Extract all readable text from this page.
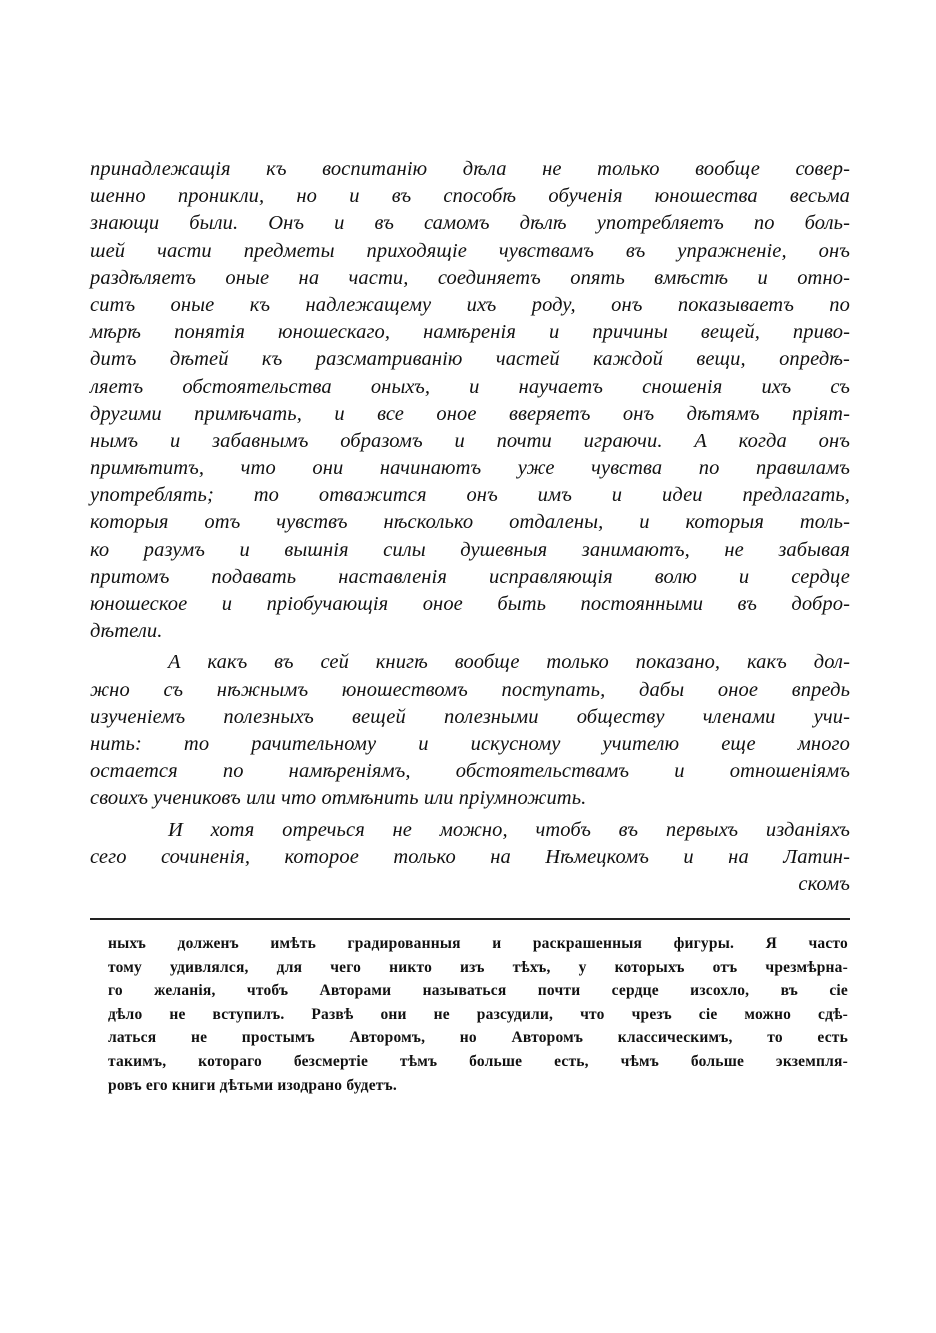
принадлежащія къ воспитанію дѣла не только вообще совер-
шенно проникли, но и въ способѣ обученія юношества весьма
знающи были. Онъ и въ самомъ дѣлѣ употребляетъ по боль-
шей части предметы приходящіе чувствамъ въ упражненіе, онъ
раздѣляетъ оные на части, соединяетъ опять вмѣстѣ и отно-
ситъ оные къ надлежащему ихъ роду, онъ показываетъ по
мѣрѣ понятія юношескаго, намѣренія и причины вещей, приво-
дитъ дѣтей къ разсматриванію частей каждой вещи, опредѣ-
ляетъ обстоятельства оныхъ, и научаетъ сношенія ихъ съ
другими примѣчать, и все оное вверяетъ онъ дѣтямъ пріят-
нымъ и забавнымъ образомъ и почти играючи. А когда онъ
примѣтитъ, что они начинаютъ уже чувства по правиламъ
употреблять; то отважится онъ имъ и идеи предлагать,
которыя отъ чувствъ нѣсколько отдалены, и которыя толь-
ко разумъ и вышнія силы душевныя занимаютъ, не забывая
притомъ подавать наставленія исправляющія волю и сердце
юношеское и пріобучающія оное быть постоянными въ добро-
дѣтели.
А какъ въ сей книгѣ вообще только показано, какъ дол-
жно съ нѣжнымъ юношествомъ поступать, дабы оное впредь
изученіемъ полезныхъ вещей полезными обществу членами учи-
нить: то рачительному и искусному учителю еще много
остается по намѣреніямъ, обстоятельствамъ и отношеніямъ
своихъ учениковъ или что отмѣнить или пріумножить.
И хотя отречься не можно, чтобъ въ первыхъ изданіяхъ
сего сочиненія, которое только на Нѣмецкомъ и на Латин-
скомъ
ныхъ долженъ имѣть градированныя и раскрашенныя фигуры. Я часто
тому удивлялся, для чего никто изъ тѣхъ, у которыхъ отъ чрезмѣрна-
го желанія, чтобъ Авторами называться почти сердце изсохло, въ сіе
дѣло не вступилъ. Развѣ они не разсудили, что чрезъ сіе можно сдѣ-
латься не простымъ Авторомъ, но Авторомъ классическимъ, то есть
такимъ, котораго безсмертіе тѣмъ больше есть, чѣмъ больше экземпля-
ровъ его книги дѣтьми изодрано будетъ.
